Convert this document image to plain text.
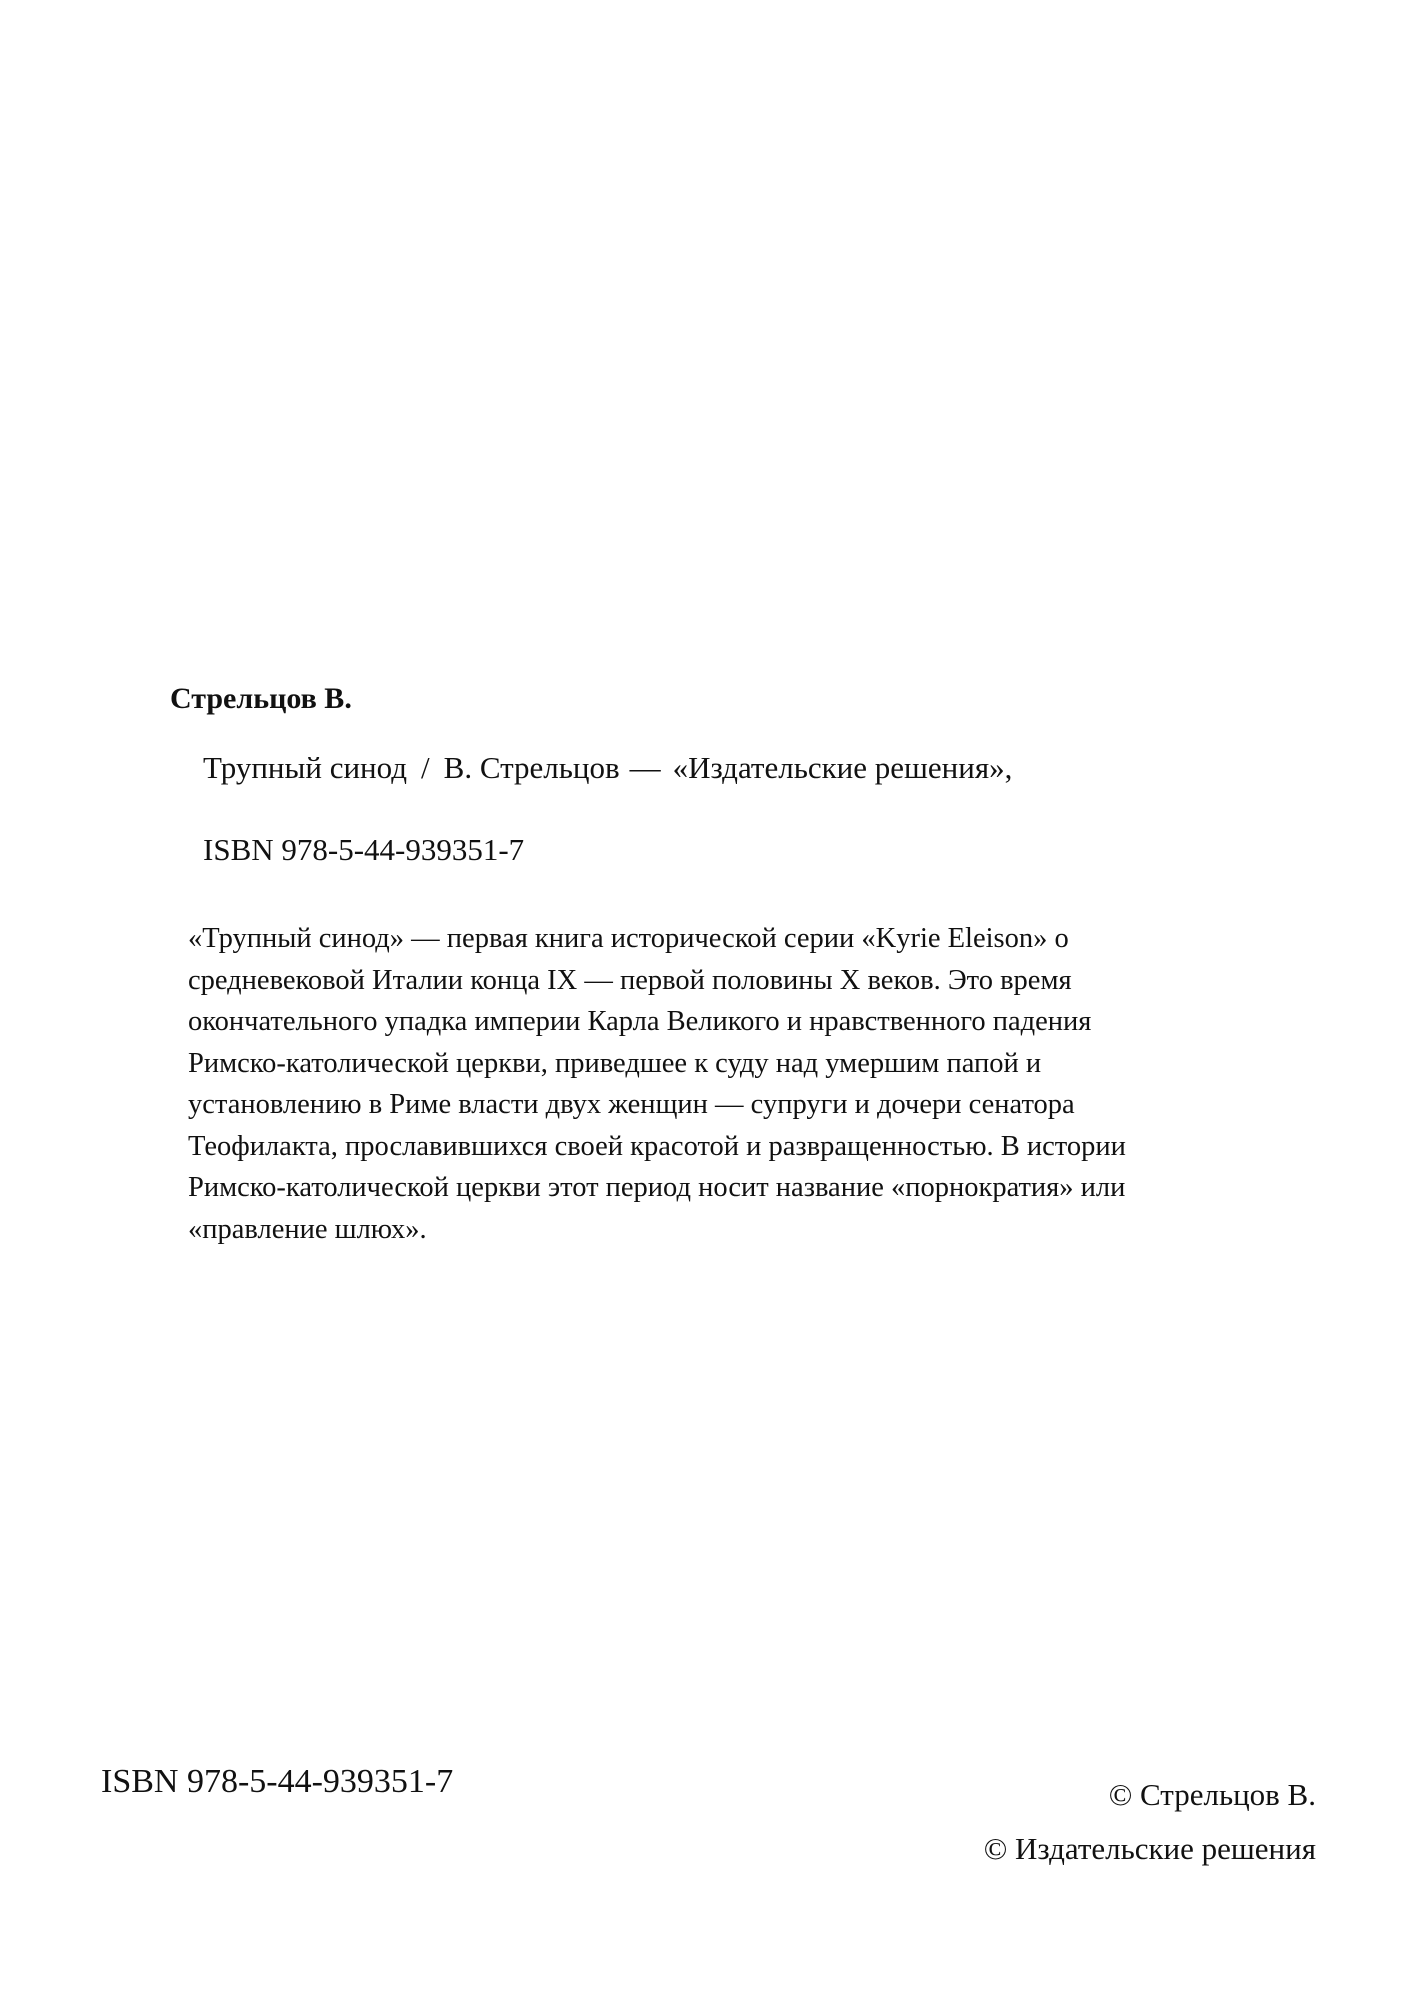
Стрельцов В.
Трупный синод / В. Стрельцов — «Издательские решения»,
ISBN 978-5-44-939351-7

«Трупный синод» — первая книга исторической серии «Kyrie Eleison» о
средневековой Италии конца IX — первой половины X веков. Это время
окончательного упадка империи Карла Великого и нравственного падения
Римско-католической церкви, приведшее к суду над умершим папой и
установлению в Риме власти двух женщин — супруги и дочери сенатора
Теофилакта, прославившихся своей красотой и развращенностью. В истории
Римско-католической церкви этот период носит название «порнократия» или
«правление шлюх».

ISBN 978-5-44-939351-7	© Стрельцов В.
© Издательские решения
